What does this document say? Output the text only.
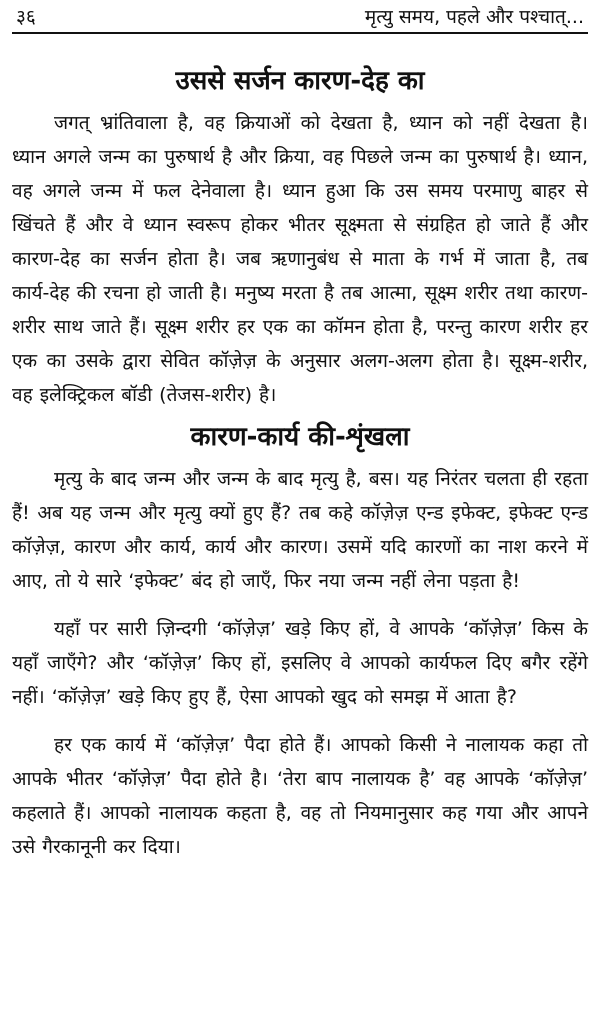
३६	मृत्यु समय, पहले और पश्चात्...
उससे सर्जन कारण-देह का

जगत् भ्रांतिवाला है, वह क्रियाओं को देखता है, ध्यान को नहीं देखता है। ध्यान अगले जन्म का पुरुषार्थ है और क्रिया, वह पिछले जन्म का पुरुषार्थ है। ध्यान, वह अगले जन्म में फल देनेवाला है। ध्यान हुआ कि उस समय परमाणु बाहर से खिंचते हैं और वे ध्यान स्वरूप होकर भीतर सूक्ष्मता से संग्रहित हो जाते हैं और कारण-देह का सर्जन होता है। जब ऋणानुबंध से माता के गर्भ में जाता है, तब कार्य-देह की रचना हो जाती है। मनुष्य मरता है तब आत्मा, सूक्ष्म शरीर तथा कारण-शरीर साथ जाते हैं। सूक्ष्म शरीर हर एक का कॉमन होता है, परन्तु कारण शरीर हर एक का उसके द्वारा सेवित कॉज़ेज़ के अनुसार अलग-अलग होता है। सूक्ष्म-शरीर, वह इलेक्ट्रिकल बॉडी (तेजस-शरीर) है।

कारण-कार्य की-शृंखला

मृत्यु के बाद जन्म और जन्म के बाद मृत्यु है, बस। यह निरंतर चलता ही रहता हैं! अब यह जन्म और मृत्यु क्यों हुए हैं? तब कहे कॉज़ेज़ एन्ड इफेक्ट, इफेक्ट एन्ड कॉज़ेज़, कारण और कार्य, कार्य और कारण। उसमें यदि कारणों का नाश करने में आए, तो ये सारे ‘इफेक्ट’ बंद हो जाएँ, फिर नया जन्म नहीं लेना पड़ता है!

यहाँ पर सारी ज़िन्दगी ‘कॉज़ेज़’ खड़े किए हों, वे आपके ‘कॉज़ेज़’ किस के यहाँ जाएँगे? और ‘कॉज़ेज़’ किए हों, इसलिए वे आपको कार्यफल दिए बगैर रहेंगे नहीं। ‘कॉज़ेज़’ खड़े किए हुए हैं, ऐसा आपको खुद को समझ में आता है?

हर एक कार्य में ‘कॉज़ेज़’ पैदा होते हैं। आपको किसी ने नालायक कहा तो आपके भीतर ‘कॉज़ेज़’ पैदा होते है। ‘तेरा बाप नालायक है’ वह आपके ‘कॉज़ेज़’ कहलाते हैं। आपको नालायक कहता है, वह तो नियमानुसार कह गया और आपने उसे गैरकानूनी कर दिया।
